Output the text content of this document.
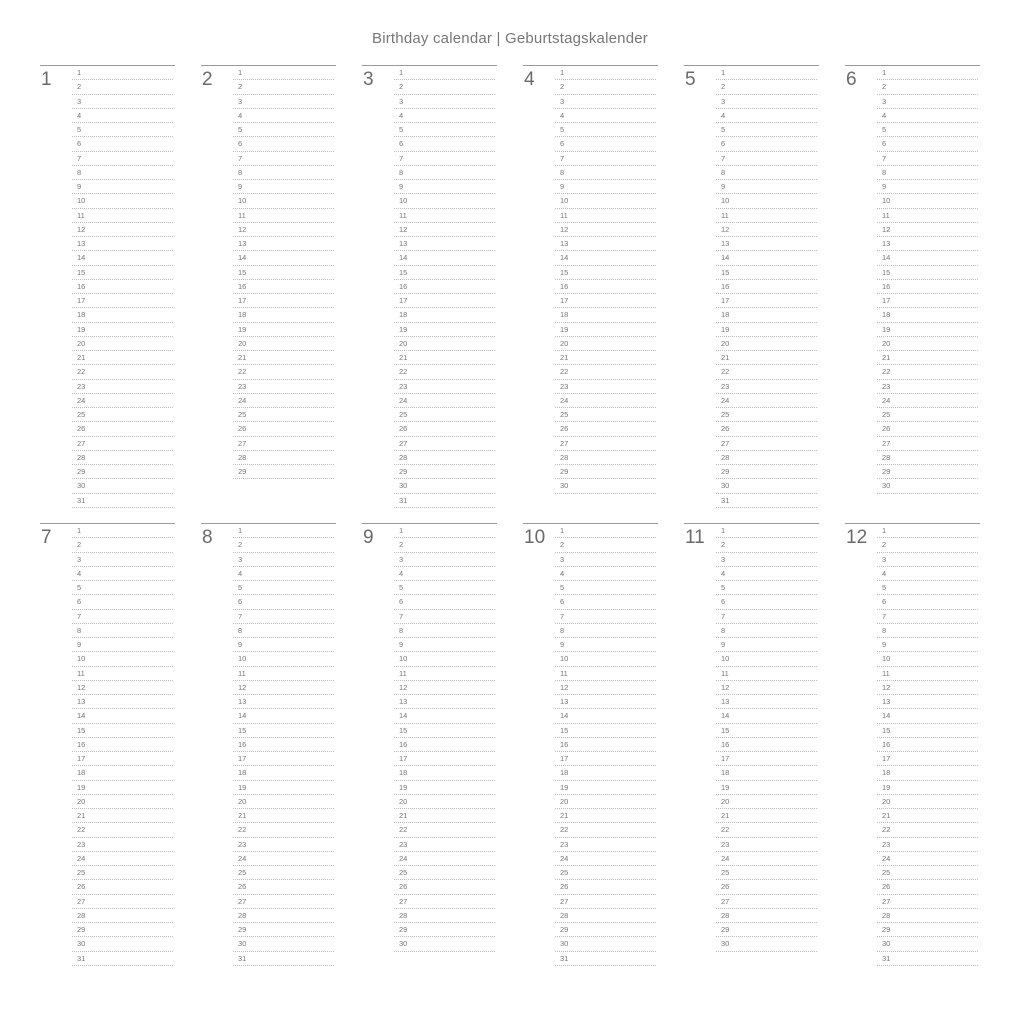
Birthday calendar | Geburtstagskalender
1	1
2
3
4
5
6
7
8
9
10
11
12
13
14
15
16
17
18
19
20
21
22
23
24
25
26
27
28
29
30
31
2	1
2
3
4
5
6
7
8
9
10
11
12
13
14
15
16
17
18
19
20
21
22
23
24
25
26
27
28
29
3	1
2
3
4
5
6
7
8
9
10
11
12
13
14
15
16
17
18
19
20
21
22
23
24
25
26
27
28
29
30
31
4	1
2
3
4
5
6
7
8
9
10
11
12
13
14
15
16
17
18
19
20
21
22
23
24
25
26
27
28
29
30
5	1
2
3
4
5
6
7
8
9
10
11
12
13
14
15
16
17
18
19
20
21
22
23
24
25
26
27
28
29
30
31
6	1
2
3
4
5
6
7
8
9
10
11
12
13
14
15
16
17
18
19
20
21
22
23
24
25
26
27
28
29
30
7	1
2
3
4
5
6
7
8
9
10
11
12
13
14
15
16
17
18
19
20
21
22
23
24
25
26
27
28
29
30
31
8	1
2
3
4
5
6
7
8
9
10
11
12
13
14
15
16
17
18
19
20
21
22
23
24
25
26
27
28
29
30
31
9	1
2
3
4
5
6
7
8
9
10
11
12
13
14
15
16
17
18
19
20
21
22
23
24
25
26
27
28
29
30
10	1
2
3
4
5
6
7
8
9
10
11
12
13
14
15
16
17
18
19
20
21
22
23
24
25
26
27
28
29
30
31
11	1
2
3
4
5
6
7
8
9
10
11
12
13
14
15
16
17
18
19
20
21
22
23
24
25
26
27
28
29
30
12	1
2
3
4
5
6
7
8
9
10
11
12
13
14
15
16
17
18
19
20
21
22
23
24
25
26
27
28
29
30
31
